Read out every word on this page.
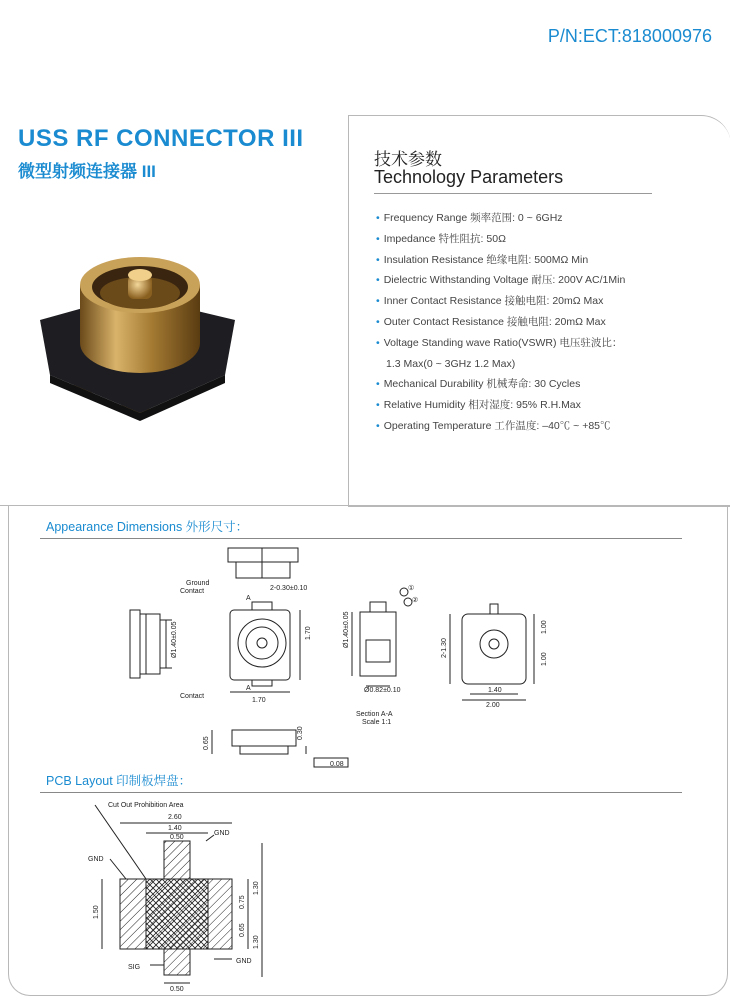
P/N:ECT:818000976
USS RF CONNECTOR III
微型射频连接器 III
技术参数
Technology Parameters
• Frequency Range 频率范围: 0 ~ 6GHz
• Impedance 特性阻抗: 50Ω
• Insulation Resistance 绝缘电阻: 500MΩ Min
• Dielectric Withstanding Voltage 耐压: 200V AC/1Min
• Inner Contact Resistance 接触电阻: 20mΩ Max
• Outer Contact Resistance 接触电阻: 20mΩ Max
• Voltage Standing wave Ratio(VSWR) 电压驻波比：
1.3 Max(0 ~ 3GHz 1.2 Max)
• Mechanical Durability 机械寿命: 30 Cycles
• Relative Humidity 相对湿度: 95% R.H.Max
• Operating Temperature 工作温度: –40℃ ~ +85℃
Appearance Dimensions 外形尺寸：
Ground
Contact
Contact
A
A
2-0.30±0.10
1.70
1.70
Ø1.40±0.05	Ø1.40±0.05
Ø0.82±0.10
Section A-A
Scale 1:1
2-1.30
1.00
1.00
1.40
2.00
0.65
0.30
0.08
①
②
PCB Layout 印制板焊盘：
Cut Out Prohibition Area
2.60
1.40
0.50
GND
GND
GND
SIG
0.50
1.50
1.30
0.75
0.65
1.30
